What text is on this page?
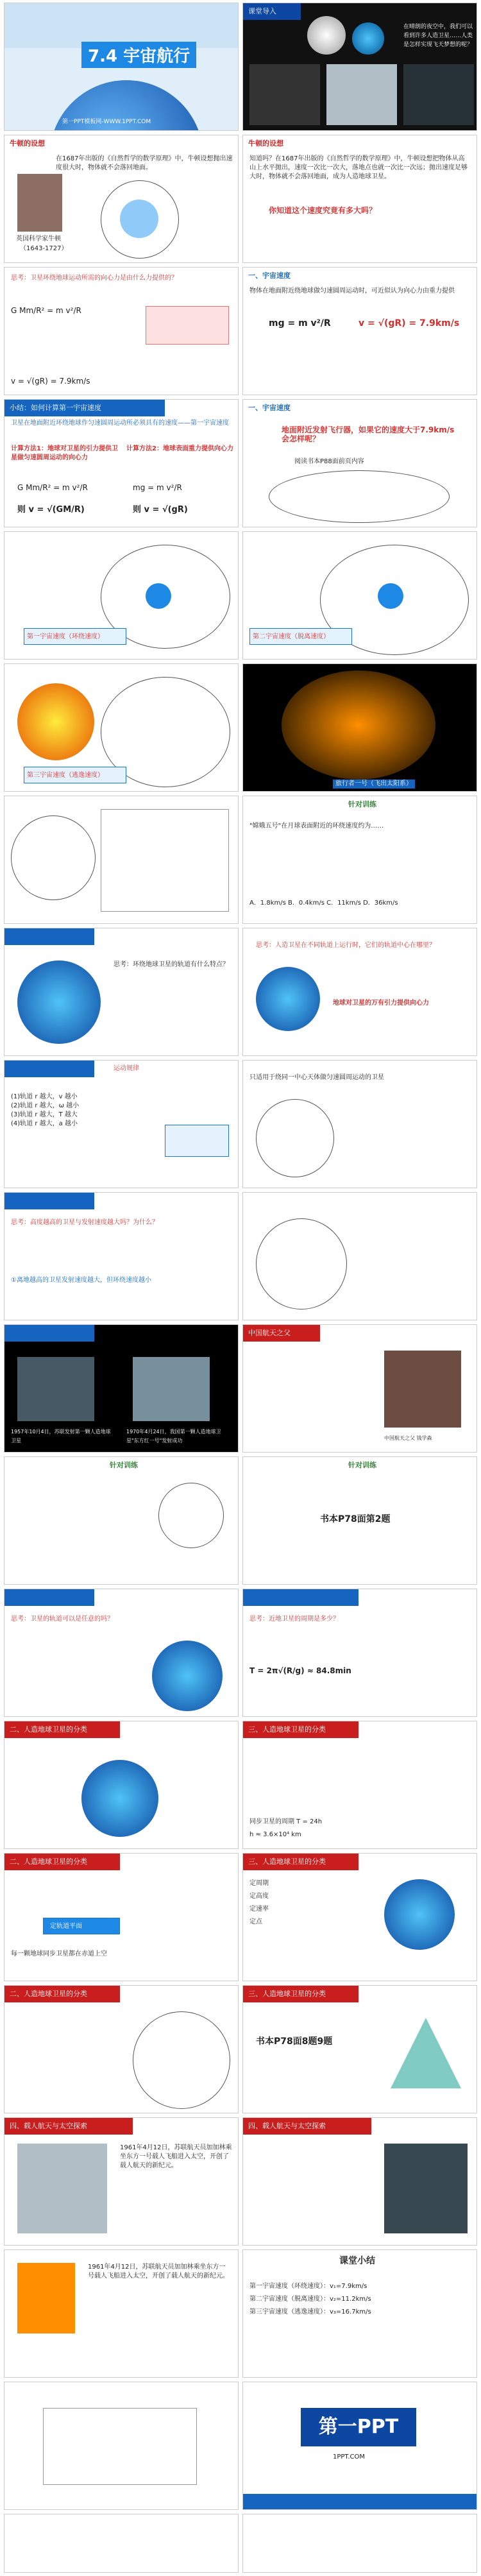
7.4 宇宙航行
第一PPT模板网-WWW.1PPT.COM
课堂导入
在晴朗的夜空中，我们可以看到许多人造卫星……人类是怎样实现飞天梦想的呢？
牛顿的设想
在1687年出版的《自然哲学的数学原理》中，牛顿设想抛出速度很大时，物体就不会落回地面。
英国科学家牛顿
（1643-1727）
牛顿的设想
知道吗？在1687年出版的《自然哲学的数学原理》中，牛顿设想把物体从高山上水平抛出，速度一次比一次大，落地点也就一次比一次远；抛出速度足够大时，物体就不会落回地面，成为人造地球卫星。
你知道这个速度究竟有多大吗？
思考：卫星环绕地球运动所需的向心力是由什么力提供的？
G Mm/R² = m v²/R
v = √(gR) = 7.9km/s
一、宇宙速度
物体在地面附近绕地球做匀速圆周运动时，可近似认为向心力由重力提供
mg = m v²/R	v = √(gR) = 7.9km/s
小结：如何计算第一宇宙速度
卫星在地面附近环绕地球作匀速圆周运动所必须具有的速度——第一宇宙速度
计算方法1：地球对卫星的引力提供卫星做匀速圆周运动的向心力
计算方法2：地球表面重力提供向心力
G Mm/R² = m v²/R	mg = m v²/R
则 v = √(GM/R)	则 v = √(gR)
一、宇宙速度
地面附近发射飞行器，如果它的速度大于7.9km/s会怎样呢？
阅读书本P88面前页内容
第一宇宙速度（环绕速度）	第二宇宙速度（脱离速度）
第三宇宙速度（逃逸速度）
旅行者一号（飞出太阳系）
针对训练
"嫦娥五号"在月球表面附近的环绕速度约为……
A．1.8km/s B．0.4km/s C．11km/s D．36km/s
二、人造地球卫星
思考：环绕地球卫星的轨道有什么特点？
思考：人造卫星在不同轨道上运行时，它们的轨道中心在哪里？
地球对卫星的万有引力提供向心力
二、人造地球卫星	运动规律
(1)轨道 r 越大，v 越小
(2)轨道 r 越大，ω 越小
(3)轨道 r 越大，T 越大
(4)轨道 r 越大，a 越小
只适用于绕同一中心天体做匀速圆周运动的卫星
二、人造地球卫星
思考：高度越高的卫星与发射速度越大吗？为什么？
①离地越高的卫星发射速度越大，但环绕速度越小
二、人造地球卫星
1957年10月4日，苏联发射第一颗人造地球卫星
1970年4月24日，我国第一颗人造地球卫星"东方红一号"发射成功
中国航天之父
中国航天之父 钱学森
针对训练	针对训练
书本P78面第2题
三、地球同步卫星
思考：卫星的轨道可以是任意的吗？
三、人造地球卫星的分类
思考：近地卫星的周期是多少？
T = 2π√(R/g) ≈ 84.8min
二、人造地球卫星的分类	三、人造地球卫星的分类
同步卫星的周期 T = 24h
h ≈ 3.6×10⁴ km
二、人造地球卫星的分类
定轨道平面
每一颗地球同步卫星都在赤道上空
三、人造地球卫星的分类
定周期
定高度
定速率
定点
二、人造地球卫星的分类	三、人造地球卫星的分类
书本P78面8题9题
四、载人航天与太空探索
1961年4月12日，苏联航天员加加林乘坐东方一号载人飞船进入太空，开创了载人航天的新纪元。
四、载人航天与太空探索
1961年4月12日，苏联航天员加加林乘坐东方一号载人飞船进入太空，开创了载人航天的新纪元。
课堂小结
第一宇宙速度（环绕速度）：v₁=7.9km/s
第二宇宙速度（脱离速度）：v₂=11.2km/s
第三宇宙速度（逃逸速度）：v₃=16.7km/s
第一PPT
1PPT.COM
